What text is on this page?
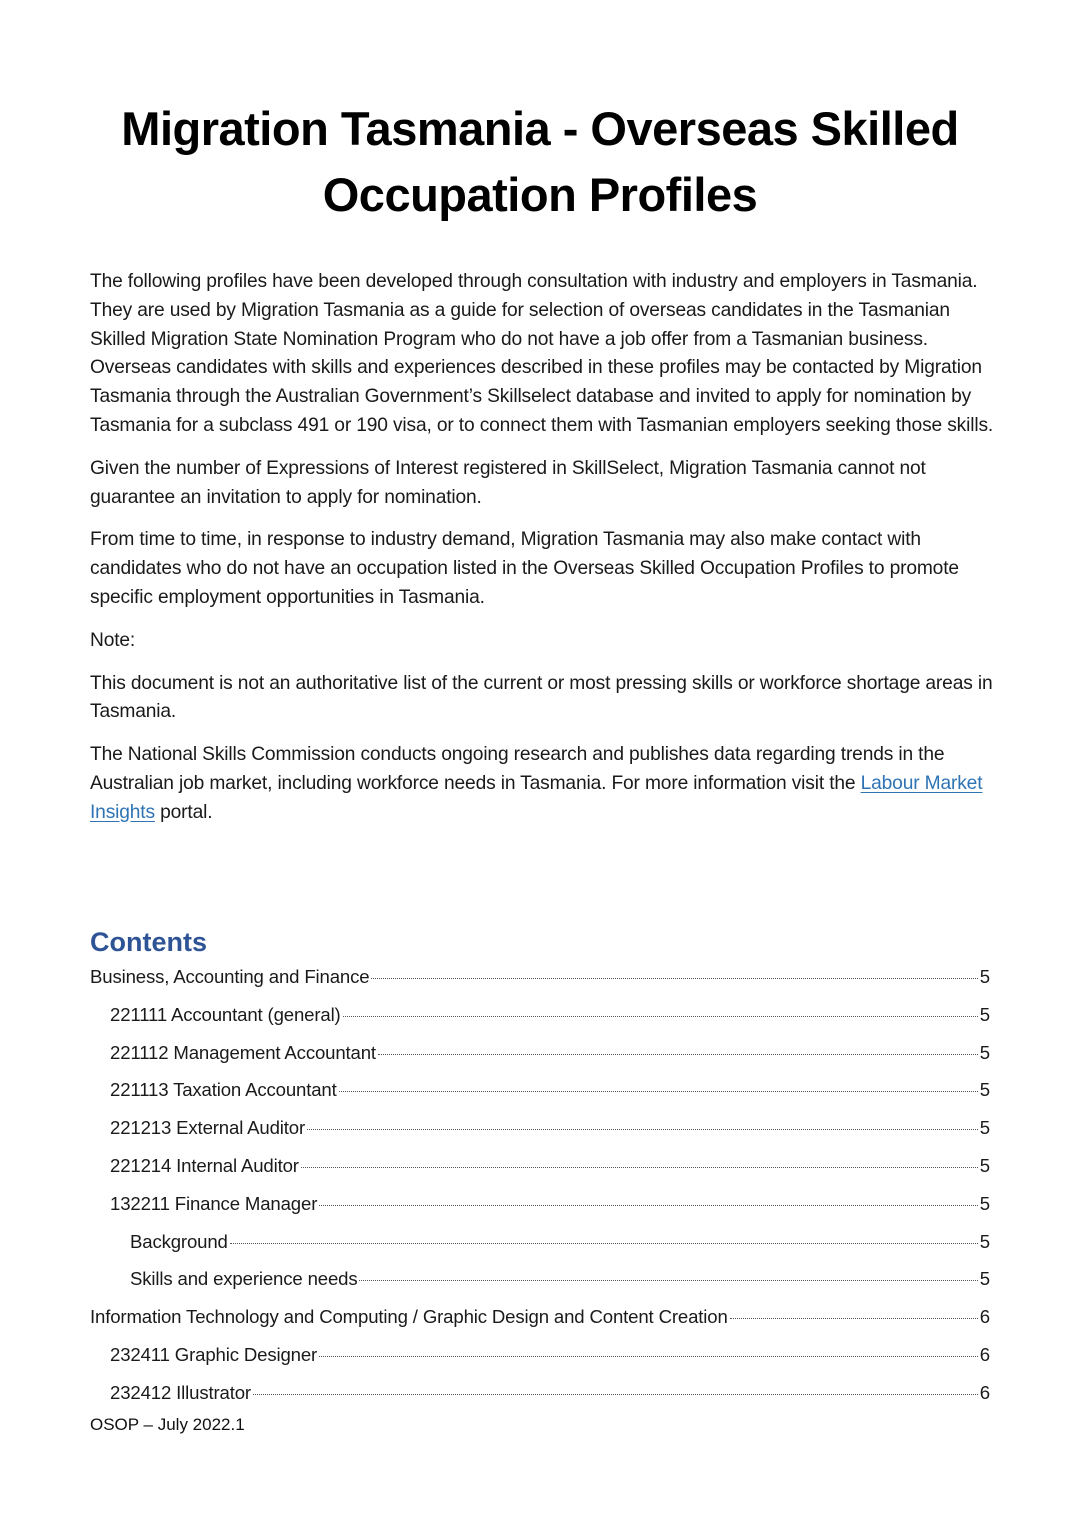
Migration Tasmania - Overseas Skilled
Occupation Profiles

The following profiles have been developed through consultation with industry and employers in Tasmania. They are used by Migration Tasmania as a guide for selection of overseas candidates in the Tasmanian Skilled Migration State Nomination Program who do not have a job offer from a Tasmanian business. Overseas candidates with skills and experiences described in these profiles may be contacted by Migration Tasmania through the Australian Government’s Skillselect database and invited to apply for nomination by Tasmania for a subclass 491 or 190 visa, or to connect them with Tasmanian employers seeking those skills.

Given the number of Expressions of Interest registered in SkillSelect, Migration Tasmania cannot not guarantee an invitation to apply for nomination.

From time to time, in response to industry demand, Migration Tasmania may also make contact with candidates who do not have an occupation listed in the Overseas Skilled Occupation Profiles to promote specific employment opportunities in Tasmania.

Note:

This document is not an authoritative list of the current or most pressing skills or workforce shortage areas in Tasmania.

The National Skills Commission conducts ongoing research and publishes data regarding trends in the Australian job market, including workforce needs in Tasmania. For more information visit the Labour Market Insights portal.

Contents
Business, Accounting and Finance	5
221111 Accountant (general)	5
221112 Management Accountant	5
221113 Taxation Accountant	5
221213 External Auditor	5
221214 Internal Auditor	5
132211 Finance Manager	5
Background	5
Skills and experience needs	5
Information Technology and Computing / Graphic Design and Content Creation	6
232411 Graphic Designer	6
232412 Illustrator	6
OSOP – July 2022.1
